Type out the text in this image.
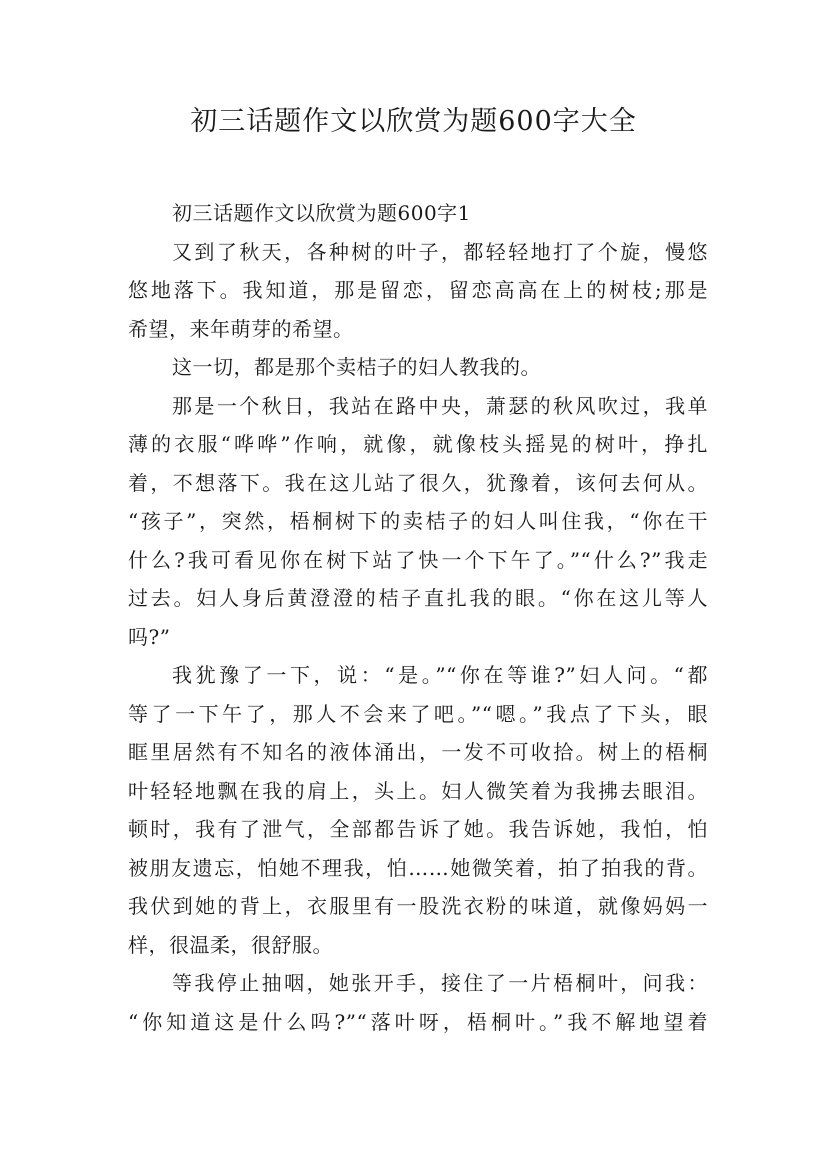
初三话题作文以欣赏为题600字大全
初三话题作文以欣赏为题600字1
又到了秋天，各种树的叶子，都轻轻地打了个旋，慢悠
悠地落下。我知道，那是留恋，留恋高高在上的树枝;那是
希望，来年萌芽的希望。
这一切，都是那个卖桔子的妇人教我的。
那是一个秋日，我站在路中央，萧瑟的秋风吹过，我单
薄的衣服“哗哗”作响，就像，就像枝头摇晃的树叶，挣扎
着，不想落下。我在这儿站了很久，犹豫着，该何去何从。
“孩子”，突然，梧桐树下的卖桔子的妇人叫住我，“你在干
什么?我可看见你在树下站了快一个下午了。”“什么?”我走
过去。妇人身后黄澄澄的桔子直扎我的眼。“你在这儿等人
吗?”
我犹豫了一下，说：“是。”“你在等谁?”妇人问。“都
等了一下午了，那人不会来了吧。”“嗯。”我点了下头，眼
眶里居然有不知名的液体涌出，一发不可收拾。树上的梧桐
叶轻轻地飘在我的肩上，头上。妇人微笑着为我拂去眼泪。
顿时，我有了泄气，全部都告诉了她。我告诉她，我怕，怕
被朋友遗忘，怕她不理我，怕……她微笑着，拍了拍我的背。
我伏到她的背上，衣服里有一股洗衣粉的味道，就像妈妈一
样，很温柔，很舒服。
等我停止抽咽，她张开手，接住了一片梧桐叶，问我：
“你知道这是什么吗?”“落叶呀，梧桐叶。”我不解地望着
